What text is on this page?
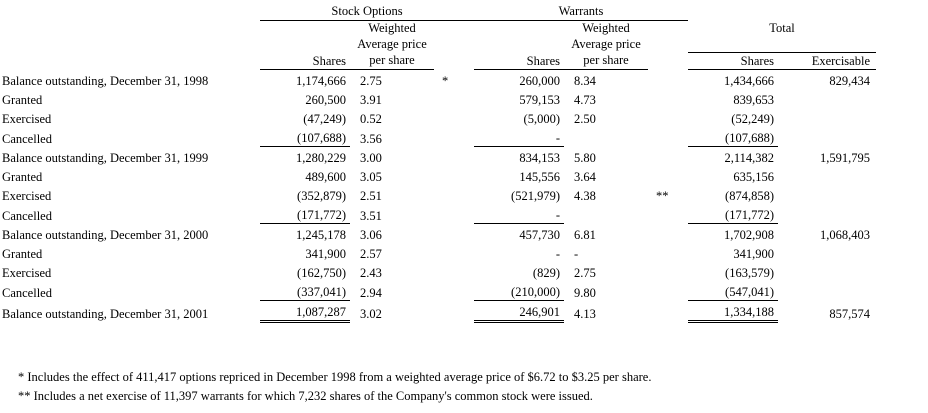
	Stock Options			Warrants				

		Weighted			Weighted		Total	
		Average price			Average price			

	Shares	per share		Shares	per share		Shares	Exercisable

Balance outstanding, December 31, 1998	1,174,666	2.75	*	260,000	8.34		1,434,666	829,434
Granted	260,500	3.91		579,153	4.73		839,653	
Exercised	(47,249)	0.52		(5,000)	2.50		(52,249)	
Cancelled	(107,688)	3.56		-			(107,688)	
Balance outstanding, December 31, 1999	1,280,229	3.00		834,153	5.80		2,114,382	1,591,795
Granted	489,600	3.05		145,556	3.64		635,156	
Exercised	(352,879)	2.51		(521,979)	4.38	**	(874,858)	
Cancelled	(171,772)	3.51		-			(171,772)	
Balance outstanding, December 31, 2000	1,245,178	3.06		457,730	6.81		1,702,908	1,068,403
Granted	341,900	2.57		-	-		341,900	
Exercised	(162,750)	2.43		(829)	2.75		(163,579)	
Cancelled	(337,041)	2.94		(210,000)	9.80		(547,041)	
Balance outstanding, December 31, 2001	1,087,287	3.02		246,901	4.13		1,334,188	857,574
* Includes the effect of 411,417 options repriced in December 1998 from a weighted average price of $6.72 to $3.25 per share.
** Includes a net exercise of 11,397 warrants for which 7,232 shares of the Company's common stock were issued.
